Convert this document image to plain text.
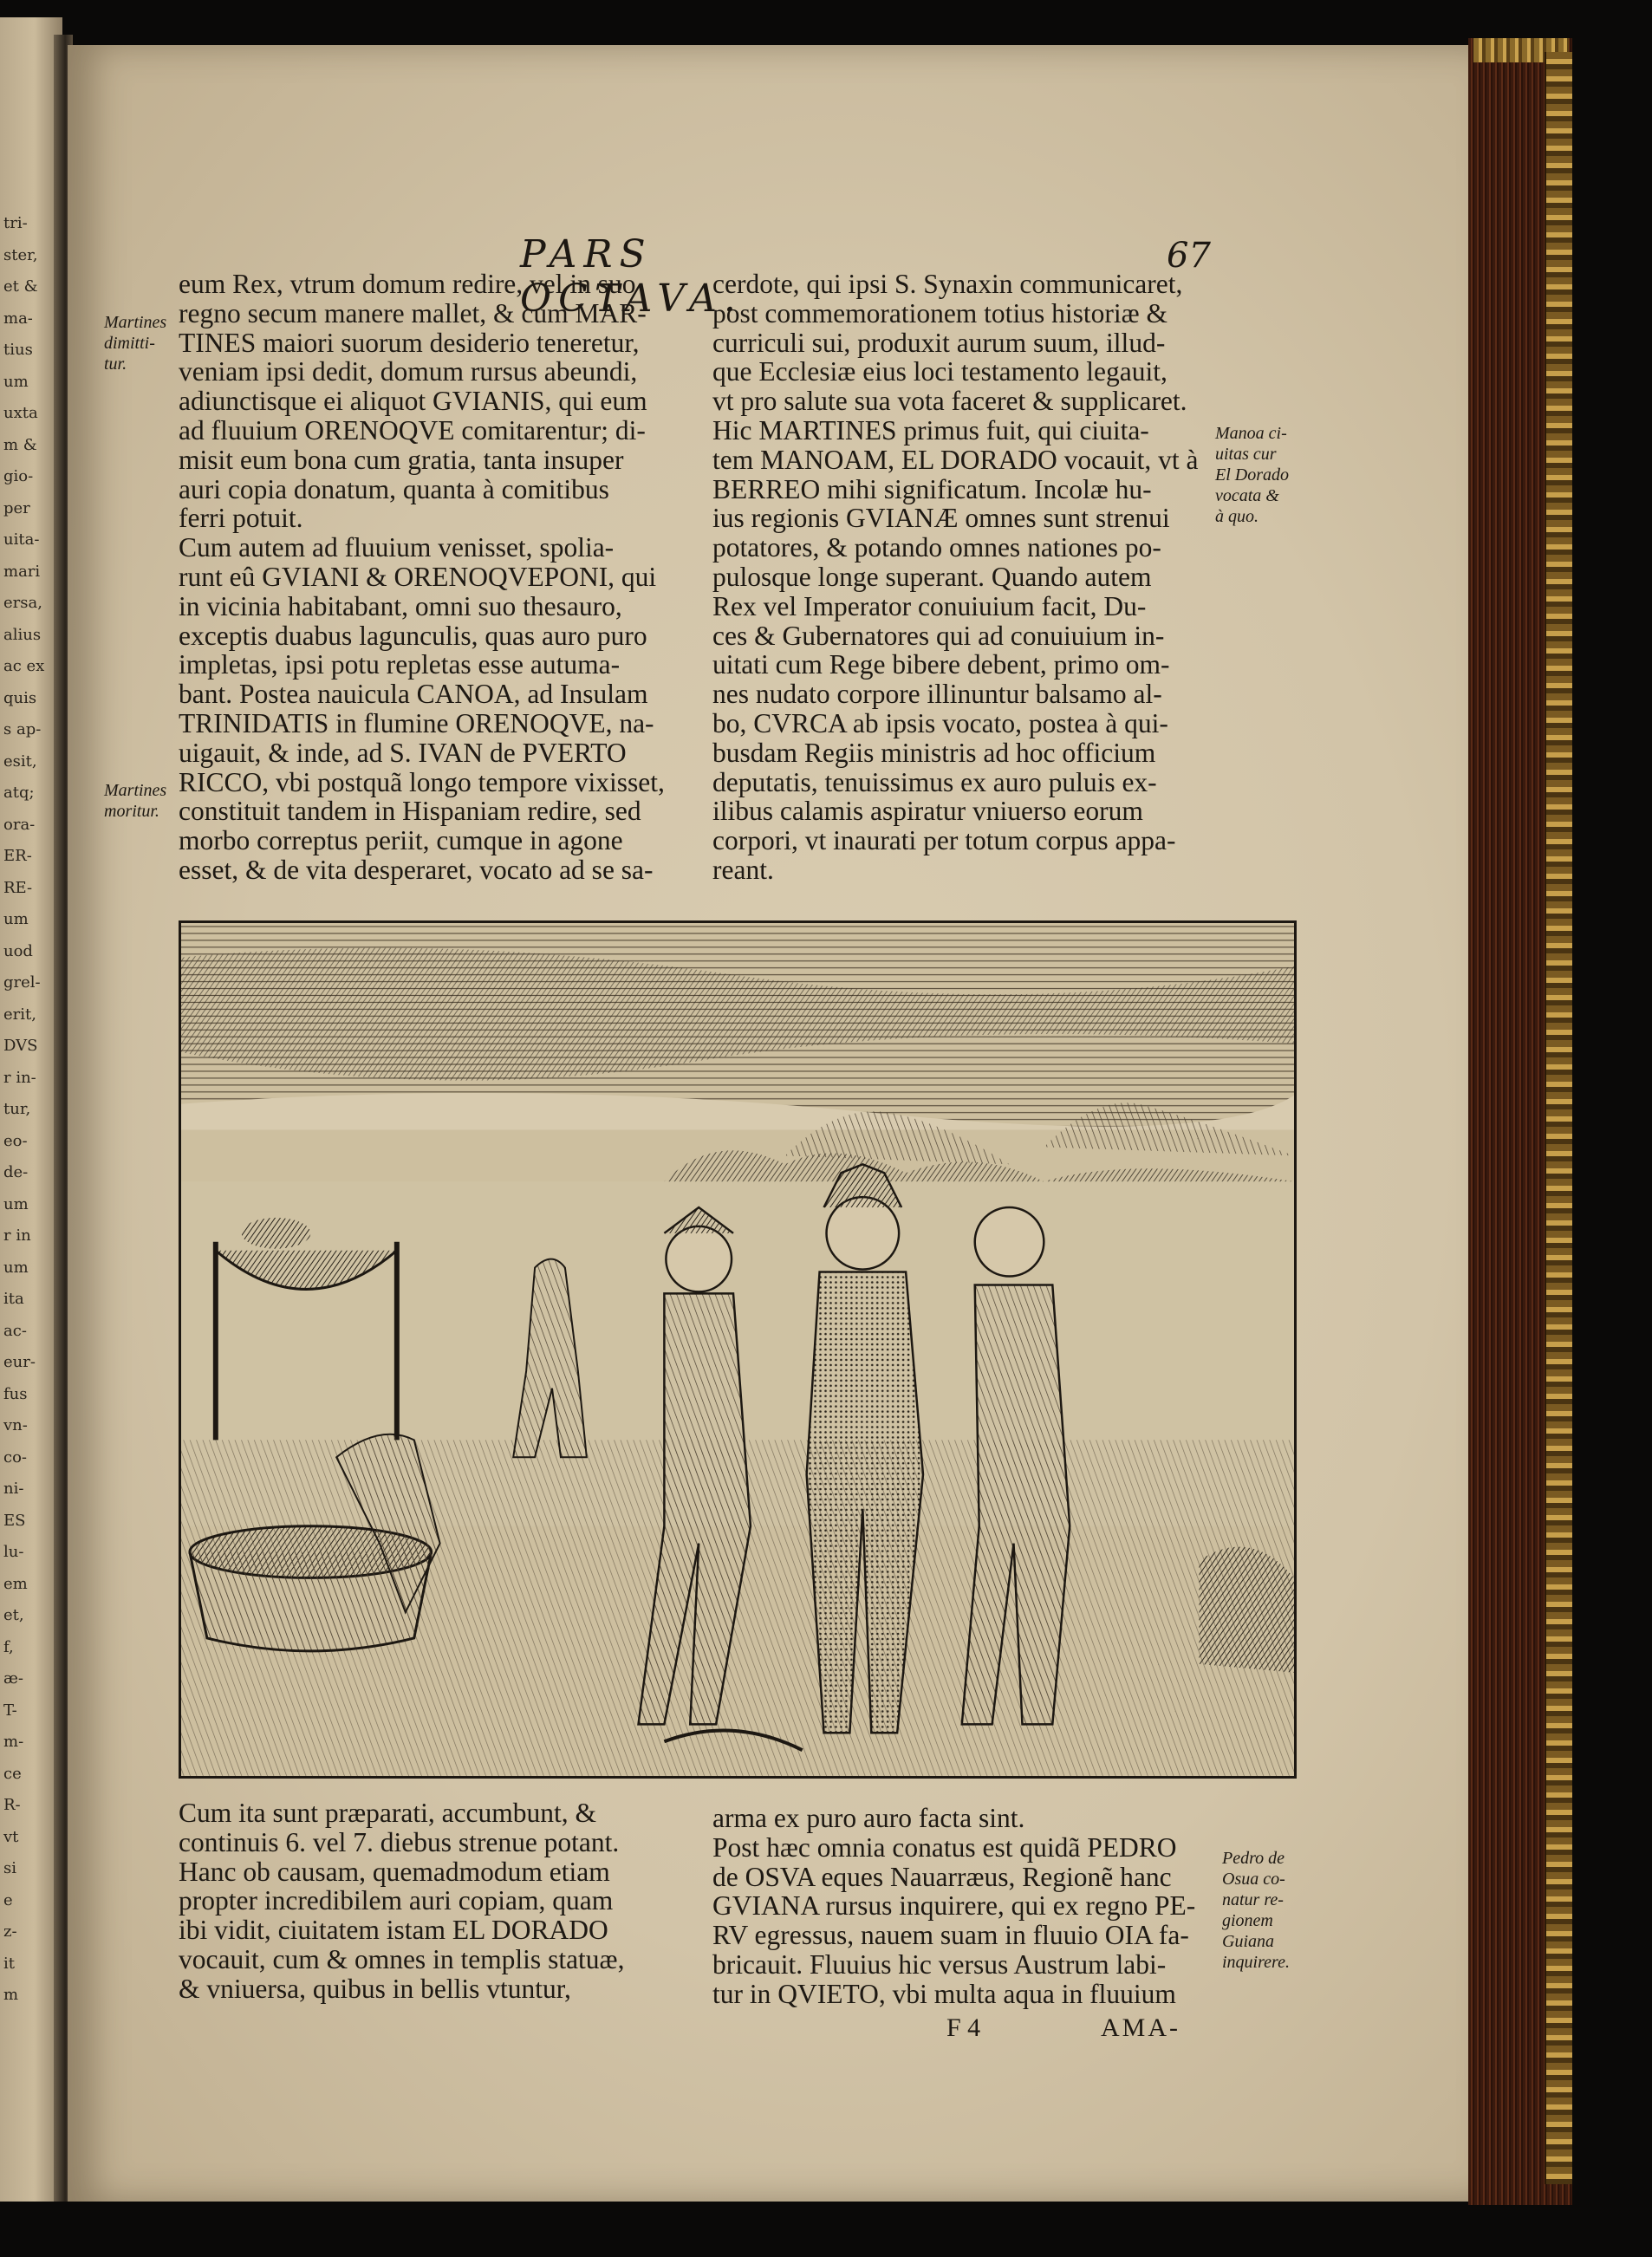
tri-
ster,
et &
ma-
tius
um
uxta
m &
gio-
per
uita-
mari
ersa,
alius
ac ex
quis
s ap-
esit,
atq;
ora-
ER-
RE-
um
uod
grel-
erit,
DVS
r in-
tur,
eo-
de-
um
r in
um
ita
ac-
eur-
fus
vn-
co-
ni-
ES
lu-
em
et,
f,
æ-
T-
m-
ce
R-
vt
si
e
z-
it
m
PARS OCTAVA.
67
eum Rex, vtrum domum redire, vel in suo
regno secum manere mallet, & cum MAR-
TINES maiori suorum desiderio teneretur,
veniam ipsi dedit, domum rursus abeundi,
adiunctisque ei aliquot GVIANIS, qui eum
ad fluuium ORENOQVE comitarentur; di-
misit eum bona cum gratia, tanta insuper
auri copia donatum, quanta à comitibus
ferri potuit.
Cum autem ad fluuium venisset, spolia-
runt eû GVIANI & ORENOQVEPONI, qui
in vicinia habitabant, omni suo thesauro,
exceptis duabus lagunculis, quas auro puro
impletas, ipsi potu repletas esse autuma-
bant. Postea nauicula CANOA, ad Insulam
TRINIDATIS in flumine ORENOQVE, na-
uigauit, & inde, ad S. IVAN de PVERTO
RICCO, vbi postquã longo tempore vixisset,
constituit tandem in Hispaniam redire, sed
morbo correptus periit, cumque in agone
esset, & de vita desperaret, vocato ad se sa-
cerdote, qui ipsi S. Synaxin communicaret,
post commemorationem totius historiæ &
curriculi sui, produxit aurum suum, illud-
que Ecclesiæ eius loci testamento legauit,
vt pro salute sua vota faceret & supplicaret.
Hic MARTINES primus fuit, qui ciuita-
tem MANOAM, EL DORADO vocauit, vt à
BERREO mihi significatum. Incolæ hu-
ius regionis GVIANÆ omnes sunt strenui
potatores, & potando omnes nationes po-
pulosque longe superant. Quando autem
Rex vel Imperator conuiuium facit, Du-
ces & Gubernatores qui ad conuiuium in-
uitati cum Rege bibere debent, primo om-
nes nudato corpore illinuntur balsamo al-
bo, CVRCA ab ipsis vocato, postea à qui-
busdam Regiis ministris ad hoc officium
deputatis, tenuissimus ex auro puluis ex-
ilibus calamis aspiratur vniuerso eorum
corpori, vt inaurati per totum corpus appa-
reant.
Cum ita sunt præparati, accumbunt, &
continuis 6. vel 7. diebus strenue potant.
Hanc ob causam, quemadmodum etiam
propter incredibilem auri copiam, quam
ibi vidit, ciuitatem istam EL DORADO
vocauit, cum & omnes in templis statuæ,
& vniuersa, quibus in bellis vtuntur,
arma ex puro auro facta sint.
Post hæc omnia conatus est quidã PEDRO
de OSVA eques Nauarræus, Regionẽ hanc
GVIANA rursus inquirere, qui ex regno PE-
RV egressus, nauem suam in fluuio OIA fa-
bricauit. Fluuius hic versus Austrum labi-
tur in QVIETO, vbi multa aqua in fluuium
Martines
dimitti-
tur.
Martines
moritur.
Manoa ci-
uitas cur
El Dorado
vocata &
à quo.
Pedro de
Osua co-
natur re-
gionem
Guiana
inquirere.
F 4	AMA-
